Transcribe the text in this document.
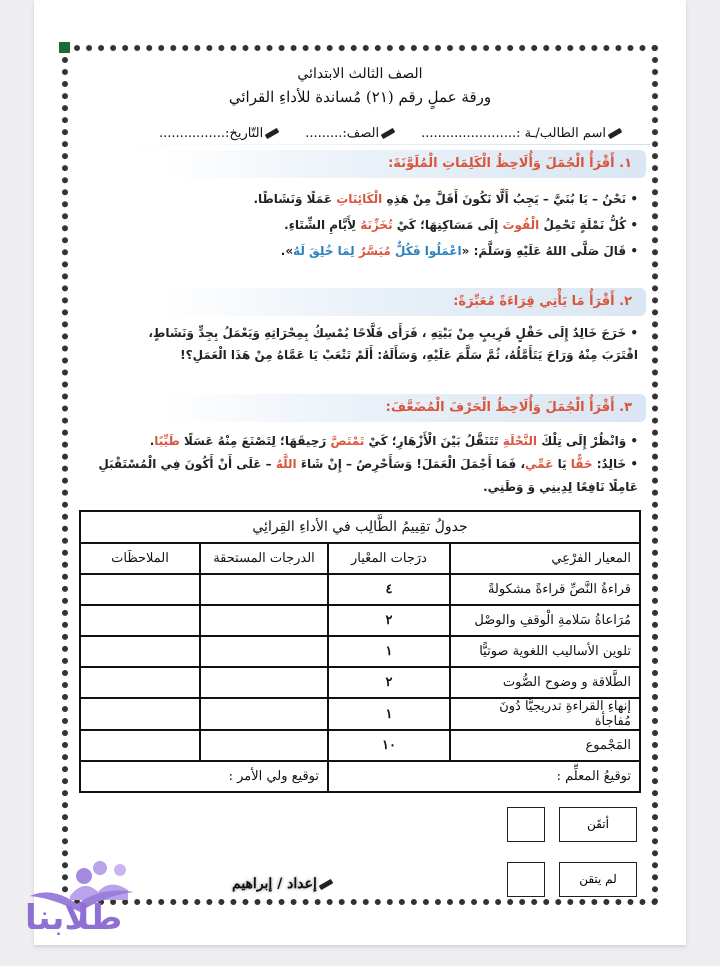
الصف الثالث الابتدائي
ورقة عملٍ رقم (٢١) مُساندة للأداءِ القرائي
اسم الطالب/ـة :.......................
الصف:.........
التّاريخ:................
١. أَقْرَأُ الْجُمَلَ وَأُلَاحِظُ الْكَلِمَاتِ الْمُلَوَّنَةَ:

• نَحْنُ – يَا بُنَيَّ – يَجِبُ أَلَّا نَكُونَ أَقَلَّ مِنْ هَذِهِ الْكَائِنَاتِ عَمَلًا وَنَشَاطًا.

• كُلُّ نَمْلَةٍ تَحْمِلُ الْقُوتَ إِلَى مَسَاكِنِهَا؛ كَيْ تُخَزِّنَهُ لِأَيَّامِ الشِّتَاءِ.

• قَالَ صَلَّى اللهُ عَلَيْهِ وَسَلَّمَ: «اعْمَلُوا فَكُلٌّ مُيَسَّرٌ لِمَا خُلِقَ لَهُ».

٢. أَقْرَأُ مَا يَأْتِي قِرَاءَةً مُعَبِّرَةً:

• خَرَجَ خَالِدٌ إِلَى حَقْلٍ قَرِيبٍ مِنْ بَيْتِهِ ، فَرَأَى فَلَّاحًا يُمْسِكُ بِمِحْرَاثِهِ وَيَعْمَلُ بِجِدٍّ وَنَشَاطٍ،

اقْتَرَبَ مِنْهُ وَرَاحَ يَتَأَمَّلُهُ، ثُمَّ سَلَّمَ عَلَيْهِ، وَسَأَلَهُ: أَلَمْ تَتْعَبْ يَا عَمَّاهُ مِنْ هَذَا الْعَمَلِ؟!

٣. أَقْرَأُ الْجُمَلَ وَأُلَاحِظُ الْحَرْفَ الْمُضَعَّفَ:

• وَانْظُرْ إِلَى تِلْكَ النَّحْلَةِ تَتَنَقَّلُ بَيْنَ الْأَزْهَارِ؛ كَيْ تَمْتَصَّ رَحِيقَهَا؛ لِتَصْنَعَ مِنْهُ عَسَلًا طَيِّبًا.

• خَالِدٌ: حَقًّا يَا عَمِّي، فَمَا أَجْمَلَ الْعَمَلَ! وَسَأَحْرِصُ – إِنْ شَاءَ اللَّهُ – عَلَى أَنْ أَكُونَ فِي الْمُسْتَقْبَلِ

عَامِلًا نَافِعًا لِدِينِي وَ وَطَنِي.

جدولُ تقِييمُ الطَّالِب في الأداءِ القِرائِي			
المعيار الفرْعِي	درَجات المعْيار	الدرجات المستحقة	الملاحظَات
قراءةُ النَّصِّ قراءةً مشكولةً	٤		
مُرَاعاةُ سَلامةِ الْوقفِ والوصْل	٢		
تلوين الأساليب اللغوية صوتيًّا	١		
الطَّلاقة و وضوح الصُّوت	٢		
إنهاءِ القراءةِ تدريجيًّا دُونَ مُفاجأة	١		
المَجْموع	١٠		
توقيعُ المعلِّم :		توقيع ولي الأمر :	
أتقَن
لم يتقن
إعداد / إبراهيم
طلابنا
